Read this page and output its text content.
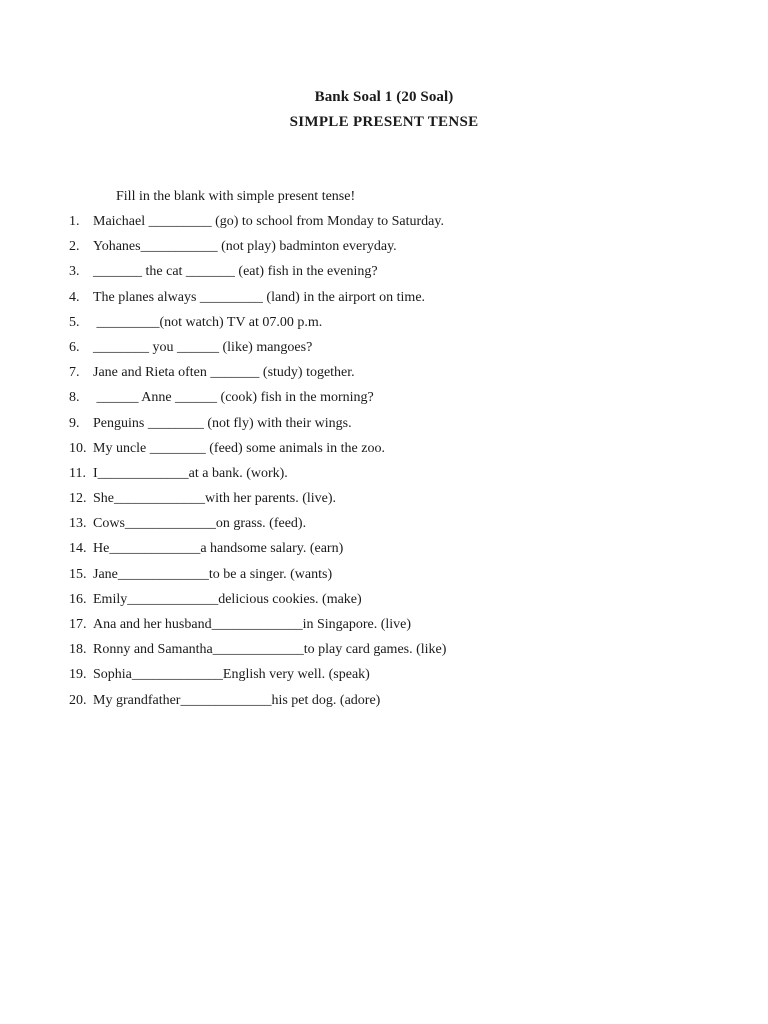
Bank Soal 1 (20 Soal)
SIMPLE PRESENT TENSE
Fill in the blank with simple present tense!

1.

Maichael _________ (go) to school from Monday to Saturday.

2.

Yohanes___________ (not play) badminton everyday.

3.

_______ the cat _______ (eat) fish in the evening?

4.

The planes always _________ (land) in the airport on time.

5.

_________(not watch) TV at 07.00 p.m.

6.

________ you ______ (like) mangoes?

7.

Jane and Rieta often _______ (study) together.

8.

______ Anne ______ (cook) fish in the morning?

9.

Penguins ________ (not fly) with their wings.

10.

My uncle ________ (feed) some animals in the zoo.

11.

I_____________at a bank. (work).

12.

She_____________with her parents. (live).

13.

Cows_____________on grass. (feed).

14.

He_____________a handsome salary. (earn)

15.

Jane_____________to be a singer. (wants)

16.

Emily_____________delicious cookies. (make)

17.

Ana and her husband_____________in Singapore. (live)

18.

Ronny and Samantha_____________to play card games. (like)

19.

Sophia_____________English very well. (speak)

20.

My grandfather_____________his pet dog. (adore)
